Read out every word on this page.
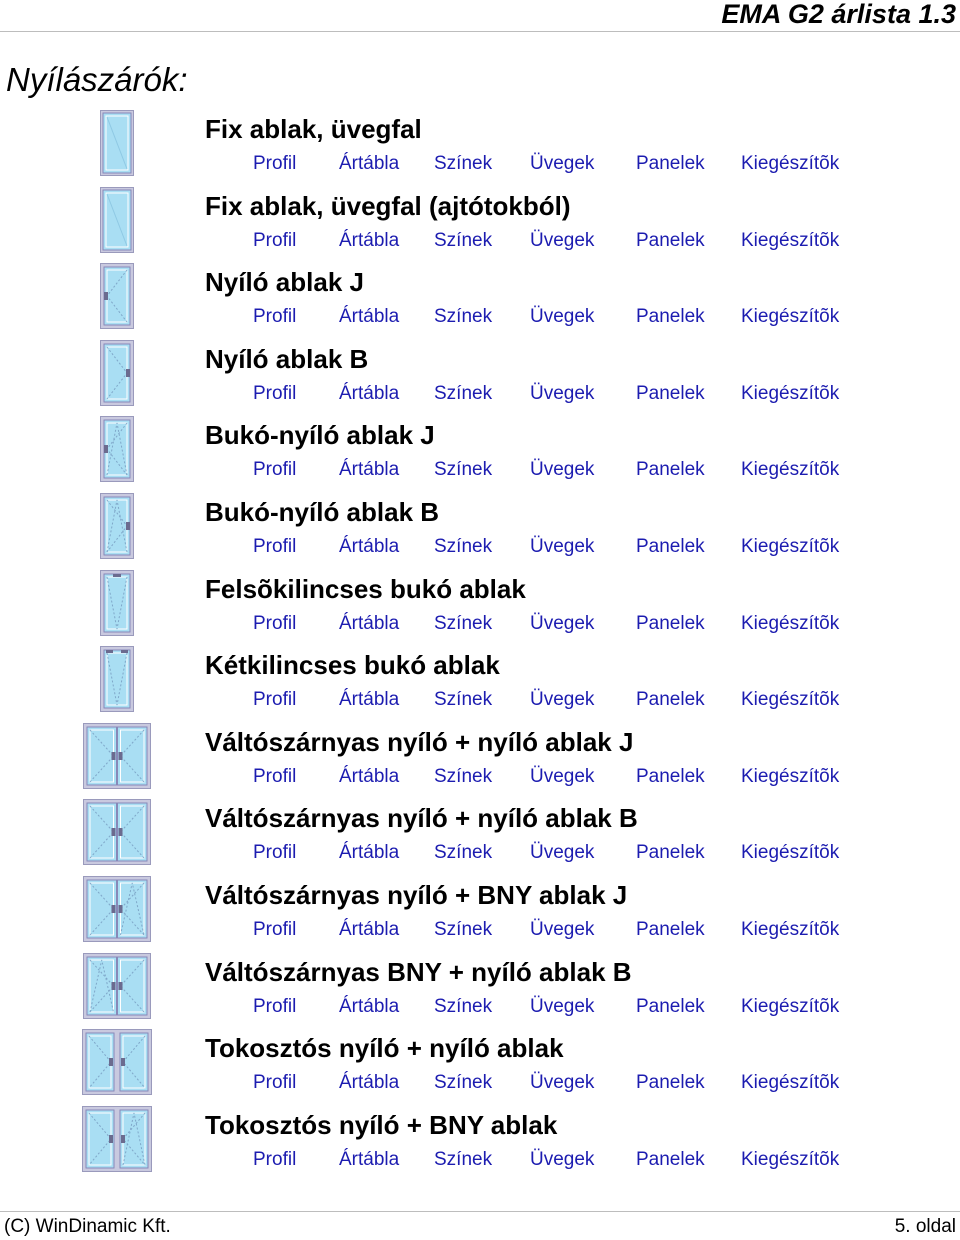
EMA G2 árlista 1.3
Nyílászárók:
Fix ablak, üvegfal
Profil Ártábla Színek Üvegek Panelek Kiegészítõk
Fix ablak, üvegfal (ajtótokból)
Profil Ártábla Színek Üvegek Panelek Kiegészítõk
Nyíló ablak J
Profil Ártábla Színek Üvegek Panelek Kiegészítõk
Nyíló ablak B
Profil Ártábla Színek Üvegek Panelek Kiegészítõk
Bukó-nyíló ablak J
Profil Ártábla Színek Üvegek Panelek Kiegészítõk
Bukó-nyíló ablak B
Profil Ártábla Színek Üvegek Panelek Kiegészítõk
Felsõkilincses bukó ablak
Profil Ártábla Színek Üvegek Panelek Kiegészítõk
Kétkilincses bukó ablak
Profil Ártábla Színek Üvegek Panelek Kiegészítõk
Váltószárnyas nyíló + nyíló ablak J
Profil Ártábla Színek Üvegek Panelek Kiegészítõk
Váltószárnyas nyíló + nyíló ablak B
Profil Ártábla Színek Üvegek Panelek Kiegészítõk
Váltószárnyas nyíló + BNY ablak J
Profil Ártábla Színek Üvegek Panelek Kiegészítõk
Váltószárnyas BNY + nyíló ablak B
Profil Ártábla Színek Üvegek Panelek Kiegészítõk
Tokosztós nyíló + nyíló ablak
Profil Ártábla Színek Üvegek Panelek Kiegészítõk
Tokosztós nyíló + BNY ablak
Profil Ártábla Színek Üvegek Panelek Kiegészítõk
(C) WinDinamic Kft.	5. oldal
